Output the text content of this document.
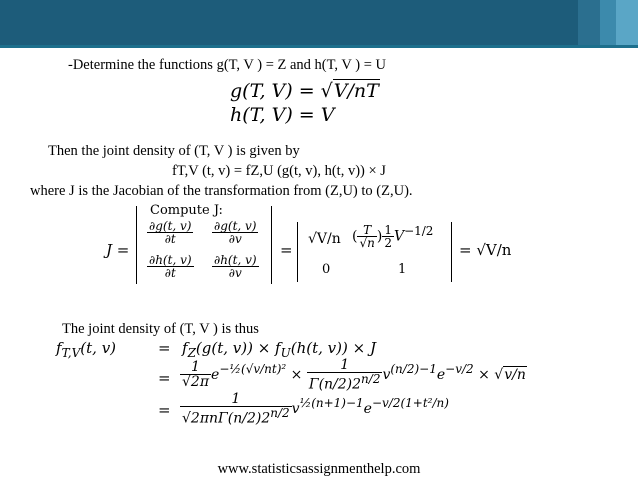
-Determine the functions g(T, V ) = Z and h(T, V ) = U
g(T, V) = √V/nT
h(T, V) = V
Then the joint density of (T, V ) is given by
fT,V (t, v) = fZ,U (g(t, v), h(t, v)) × J
where J is the Jacobian of the transformation from (Z,U) to (Z,U).
Compute J:
J =
$\frac{\partial g(t, v)}{\partial t} \frac{\partial g(t, v)}{\partial v}$
$\frac{\partial h(t, v)}{\partial t} \frac{\partial h(t, v)}{\partial v}$
=
√V/n ( $\frac{T}{√n}$ ) $\frac{1}{2} V^{-1/2}$
0	1
= √V/n
The joint density of (T, V ) is thus
$f_{T,V}(t$, v)	= $f_Z(g(t$, $v)) \times f_U(h(t$, v)) × J
= $\frac{1}{√2\pi} e^{-\frac{1}{2}(√v/nt)^2} \times \frac{1}{\Gamma(n/2)2^{n/2}} v^{(n/2)-1}e^{-v/2} \times √v/n$
= $\frac{1}{√2\pi n\Gamma(n/2)2^{n/2}} v^{\frac{1}{2}(n+1)-1}e^{-v/2(1+t^2/n)}$
www.statisticsassignmenthelp.com
